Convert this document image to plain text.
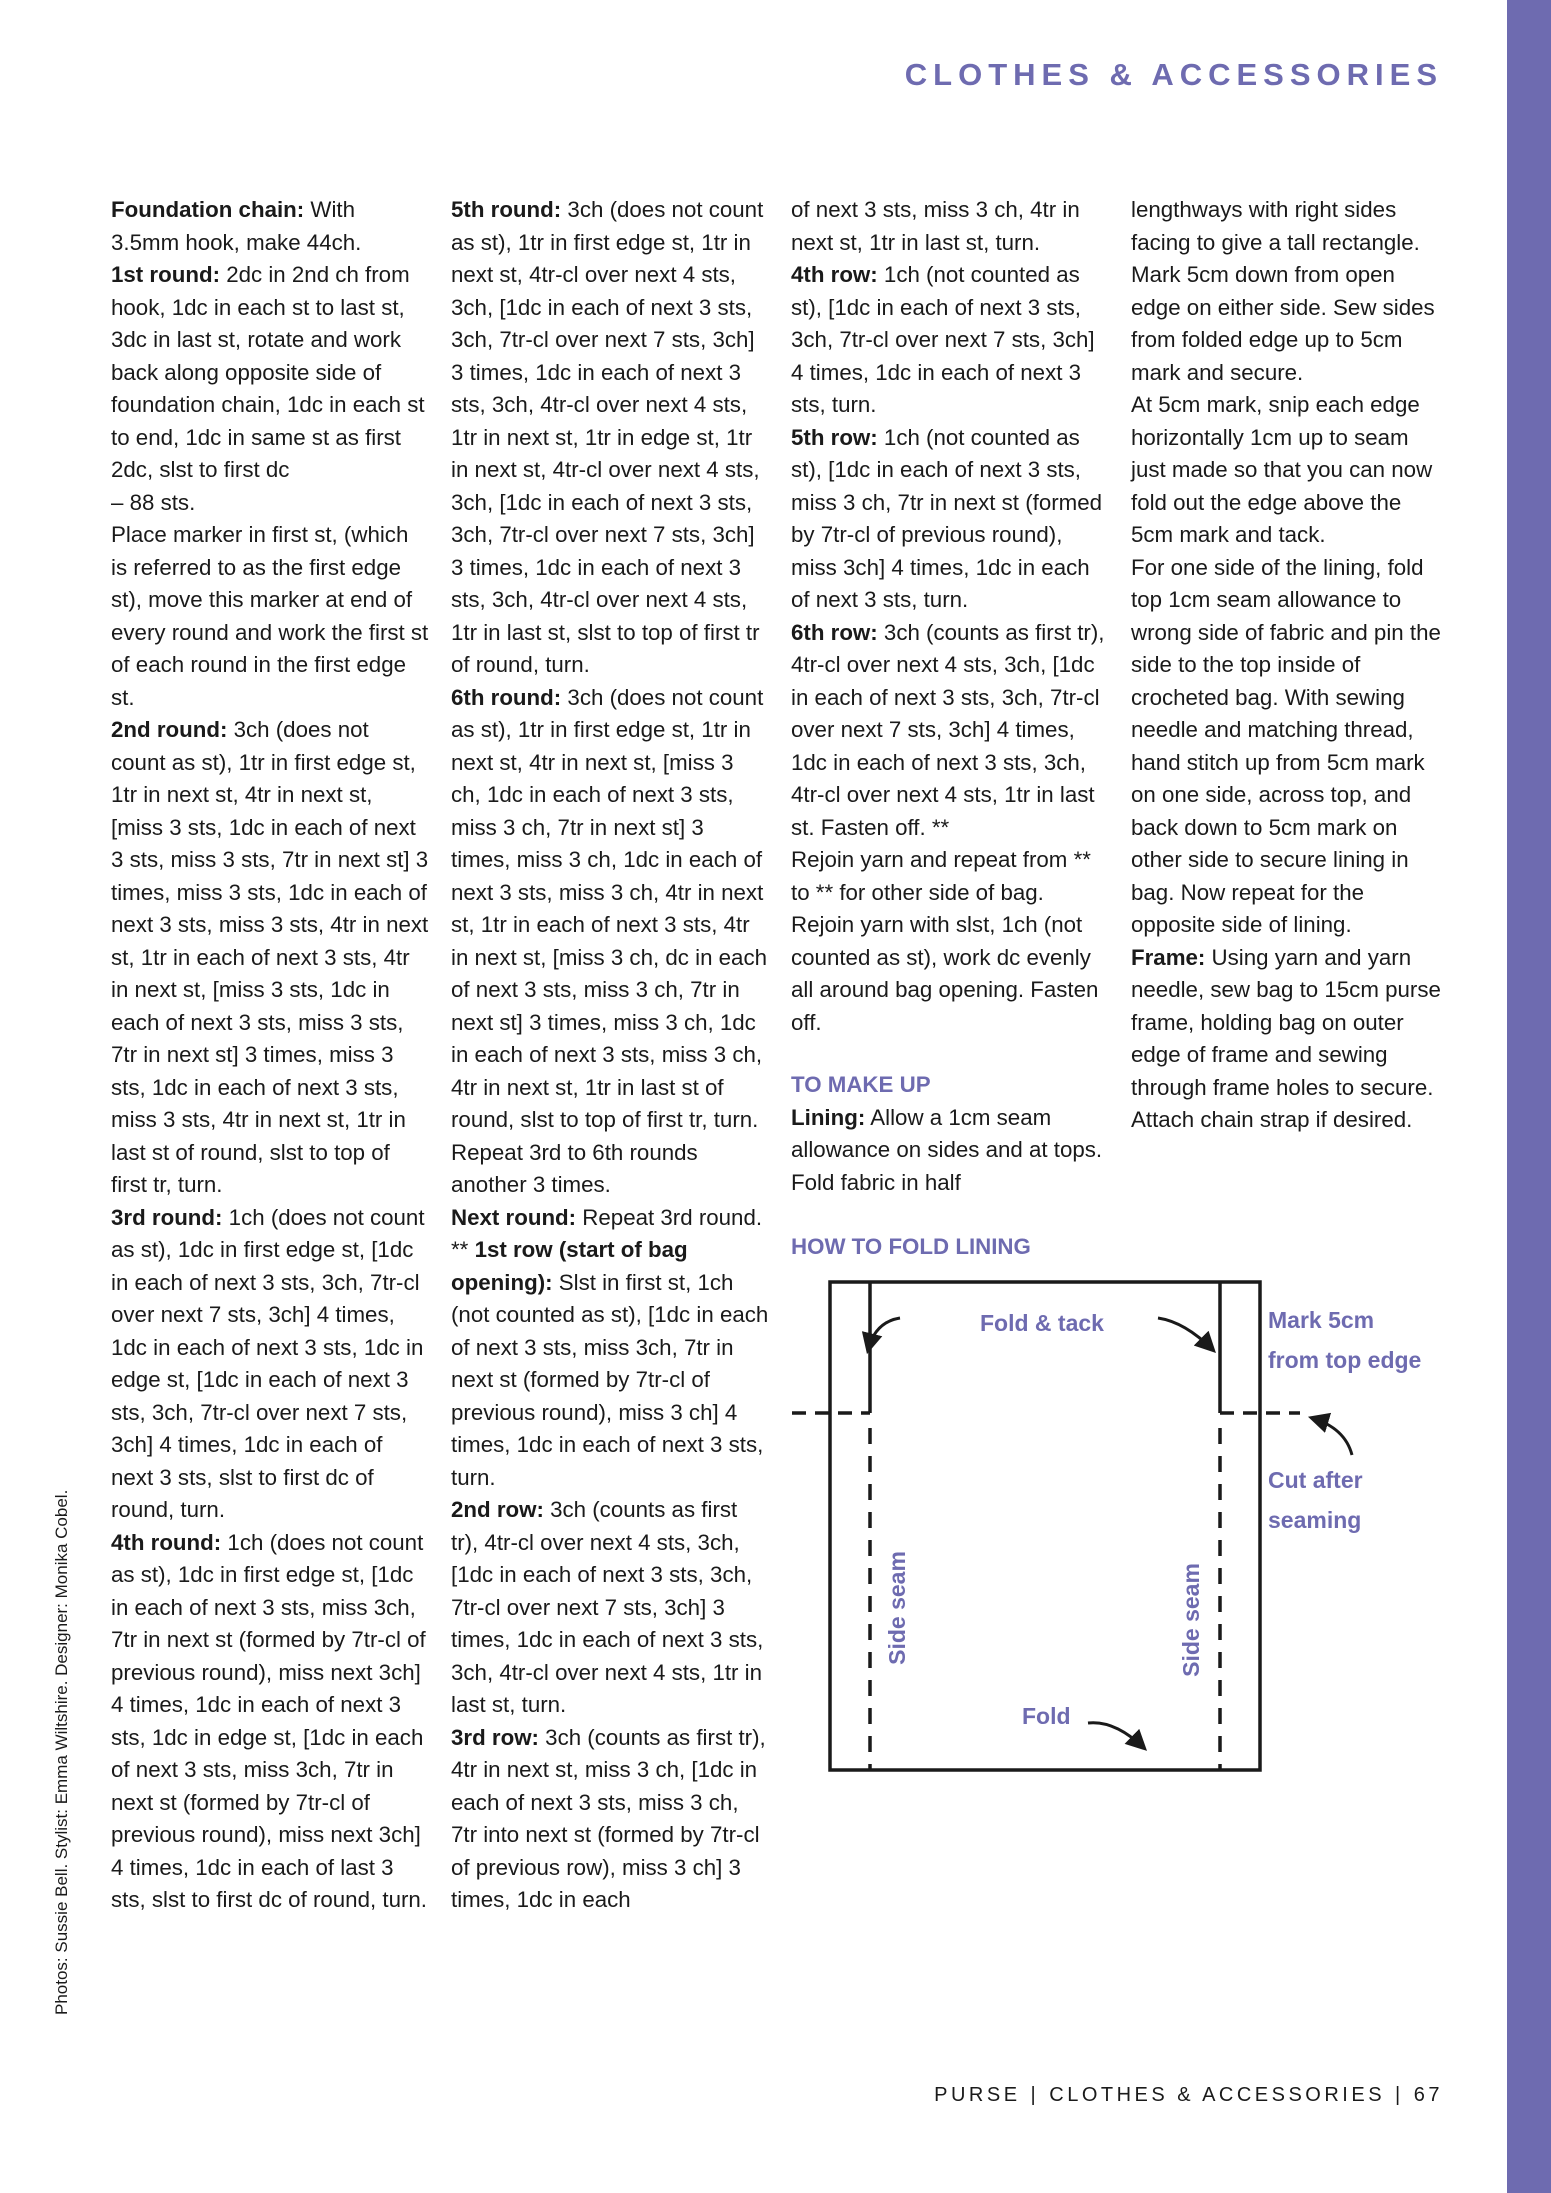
CLOTHES & ACCESSORIES
Photos: Sussie Bell. Stylist: Emma Wiltshire. Designer: Monika Cobel.

Foundation chain: With 3.5mm hook, make 44ch.

1st round: 2dc in 2nd ch from hook, 1dc in each st to last st, 3dc in last st, rotate and work back along opposite side of foundation chain, 1dc in each st to end, 1dc in same st as first 2dc, slst to first dc

– 88 sts.

Place marker in first st, (which is referred to as the first edge st), move this marker at end of every round and work the first st of each round in the first edge st.

2nd round: 3ch (does not count as st), 1tr in first edge st, 1tr in next st, 4tr in next st, [miss 3 sts, 1dc in each of next 3 sts, miss 3 sts, 7tr in next st] 3 times, miss 3 sts, 1dc in each of next 3 sts, miss 3 sts, 4tr in next st, 1tr in each of next 3 sts, 4tr in next st, [miss 3 sts, 1dc in each of next 3 sts, miss 3 sts, 7tr in next st] 3 times, miss 3 sts, 1dc in each of next 3 sts, miss 3 sts, 4tr in next st, 1tr in last st of round, slst to top of first tr, turn.

3rd round: 1ch (does not count as st), 1dc in first edge st, [1dc in each of next 3 sts, 3ch, 7tr-cl over next 7 sts, 3ch] 4 times, 1dc in each of next 3 sts, 1dc in edge st, [1dc in each of next 3 sts, 3ch, 7tr-cl over next 7 sts, 3ch] 4 times, 1dc in each of next 3 sts, slst to first dc of round, turn.

4th round: 1ch (does not count as st), 1dc in first edge st, [1dc in each of next 3 sts, miss 3ch, 7tr in next st (formed by 7tr-cl of previous round), miss next 3ch] 4 times, 1dc in each of next 3 sts, 1dc in edge st, [1dc in each of next 3 sts, miss 3ch, 7tr in next st (formed by 7tr-cl of previous round), miss next 3ch] 4 times, 1dc in each of last 3 sts, slst to first dc of round, turn.

5th round: 3ch (does not count as st), 1tr in first edge st, 1tr in next st, 4tr-cl over next 4 sts, 3ch, [1dc in each of next 3 sts, 3ch, 7tr-cl over next 7 sts, 3ch] 3 times, 1dc in each of next 3 sts, 3ch, 4tr-cl over next 4 sts, 1tr in next st, 1tr in edge st, 1tr in next st, 4tr-cl over next 4 sts, 3ch, [1dc in each of next 3 sts, 3ch, 7tr-cl over next 7 sts, 3ch] 3 times, 1dc in each of next 3 sts, 3ch, 4tr-cl over next 4 sts, 1tr in last st, slst to top of first tr of round, turn.

6th round: 3ch (does not count as st), 1tr in first edge st, 1tr in next st, 4tr in next st, [miss 3 ch, 1dc in each of next 3 sts, miss 3 ch, 7tr in next st] 3 times, miss 3 ch, 1dc in each of next 3 sts, miss 3 ch, 4tr in next st, 1tr in each of next 3 sts, 4tr in next st, [miss 3 ch, dc in each of next 3 sts, miss 3 ch, 7tr in next st] 3 times, miss 3 ch, 1dc in each of next 3 sts, miss 3 ch, 4tr in next st, 1tr in last st of round, slst to top of first tr, turn.

Repeat 3rd to 6th rounds another 3 times.

Next round: Repeat 3rd round.

** 1st row (start of bag opening): Slst in first st, 1ch (not counted as st), [1dc in each of next 3 sts, miss 3ch, 7tr in next st (formed by 7tr-cl of previous round), miss 3 ch] 4 times, 1dc in each of next 3 sts, turn.

2nd row: 3ch (counts as first tr), 4tr-cl over next 4 sts, 3ch, [1dc in each of next 3 sts, 3ch, 7tr-cl over next 7 sts, 3ch] 3 times, 1dc in each of next 3 sts, 3ch, 4tr-cl over next 4 sts, 1tr in last st, turn.

3rd row: 3ch (counts as first tr), 4tr in next st, miss 3 ch, [1dc in each of next 3 sts, miss 3 ch, 7tr into next st (formed by 7tr-cl of previous row), miss 3 ch] 3 times, 1dc in each

of next 3 sts, miss 3 ch, 4tr in next st, 1tr in last st, turn.

4th row: 1ch (not counted as st), [1dc in each of next 3 sts, 3ch, 7tr-cl over next 7 sts, 3ch] 4 times, 1dc in each of next 3 sts, turn.

5th row: 1ch (not counted as st), [1dc in each of next 3 sts, miss 3 ch, 7tr in next st (formed by 7tr-cl of previous round), miss 3ch] 4 times, 1dc in each of next 3 sts, turn.

6th row: 3ch (counts as first tr), 4tr-cl over next 4 sts, 3ch, [1dc in each of next 3 sts, 3ch, 7tr-cl over next 7 sts, 3ch] 4 times, 1dc in each of next 3 sts, 3ch, 4tr-cl over next 4 sts, 1tr in last st. Fasten off. **

Rejoin yarn and repeat from ** to ** for other side of bag.

Rejoin yarn with slst, 1ch (not counted as st), work dc evenly all around bag opening. Fasten off.

TO MAKE UP

Lining: Allow a 1cm seam allowance on sides and at tops. Fold fabric in half

lengthways with right sides facing to give a tall rectangle. Mark 5cm down from open edge on either side. Sew sides from folded edge up to 5cm mark and secure.

At 5cm mark, snip each edge horizontally 1cm up to seam just made so that you can now fold out the edge above the 5cm mark and tack.

For one side of the lining, fold top 1cm seam allowance to wrong side of fabric and pin the side to the top inside of crocheted bag. With sewing needle and matching thread, hand stitch up from 5cm mark on one side, across top, and back down to 5cm mark on other side to secure lining in bag. Now repeat for the opposite side of lining.

Frame: Using yarn and yarn needle, sew bag to 15cm purse frame, holding bag on outer edge of frame and sewing through frame holes to secure. Attach chain strap if desired.

HOW TO FOLD LINING
Fold & tack	Mark 5cm
from top edge
Cut after
seaming
Side seam	Side seam
Fold
PURSE | CLOTHES & ACCESSORIES | 67
